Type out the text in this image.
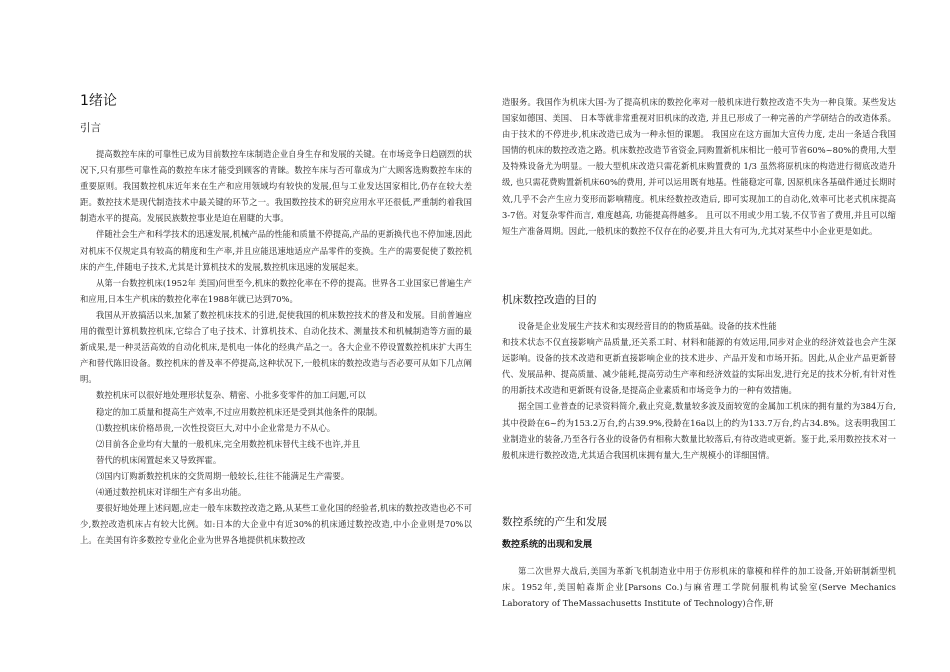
1绪论
引言

提高数控车床的可靠性已成为目前数控车床制造企业自身生存和发展的关键。在市场竞争日趋剧烈的状况下,只有那些可靠性高的数控车床才能受到顾客的青睐。数控车床与否可靠成为广大顾客选购数控车床的重要原则。我国数控机床近年来在生产和应用领域均有较快的发展,但与工业发达国家相比,仍存在较大差距。数控技术是现代制造技术中最关键的环节之一。我国数控技术的研究应用水平还很低,严重制约着我国制造水平的提高。发展民族数控事业是迫在眉睫的大事。

伴随社会生产和科学技术的迅速发展,机械产品的性能和质量不停提高,产品的更新换代也不停加速,因此对机床不仅规定具有较高的精度和生产率,并且应能迅速地适应产品零件的变换。生产的需要促使了数控机床的产生,伴随电子技术,尤其是计算机技术的发展,数控机床迅速的发展起来。

从第一台数控机床(1952年 美国)问世至今,机床的数控化率在不停的提高。世界各工业国家已普遍生产和应用,日本生产机床的数控化率在1988年就已达到70%。

我国从开放搞活以来,加紧了数控机床技术的引进,促使我国的机床数控技术的普及和发展。目前普遍应用的微型计算机数控机床,它综合了电子技术、计算机技术、自动化技术、测量技术和机械制造等方面的最新成果,是一种灵活高效的自动化机床,是机电一体化的经典产品之一。各大企业不停设置数控机床扩大再生产和替代陈旧设备。数控机床的普及率不停提高,这种状况下,一般机床的数控改造与否必要可从如下几点阐明。

数控机床可以很好地处理形状复杂、精密、小批多变零件的加工问题,可以

稳定的加工质量和提高生产效率,不过应用数控机床还是受到其他条件的限制。

⑴数控机床价格昂贵,一次性投资巨大,对中小企业常是力不从心。

⑵目前各企业均有大量的一般机床,完全用数控机床替代主线不也许,并且

替代的机床闲置起来又导致挥霍。

⑶国内订购新数控机床的交货周期一般较长,往往不能满足生产需要。

⑷通过数控机床对详细生产有多出功能。

要很好地处理上述问题,应走一般车床数控改造之路,从某些工业化国的经验者,机床的数控改造也必不可少,数控改造机床占有较大比例。如:日本的大企业中有近30%的机床通过数控改造,中小企业则是70%以上。在美国有许多数控专业化企业为世界各地提供机床数控改

造服务。我国作为机床大国-为了提高机床的数控化率对一般机床进行数控改造不失为一种良策。某些发达国家如德国、美国、 日本等就非常重视对旧机床的改造, 并且已形成了一种完善的产学研结合的改造体系。 由于技术的不停进步,机床改造已成为一种永恒的课题。 我国应在这方面加大宣传力度, 走出一条适合我国国情的机床的数控改造之路。机床数控改造节省资金,同购置新机床相比一般可节省60%~80%的费用,大型及特殊设备尤为明显。一般大型机床改造只需花新机床购置费的 1/3 虽然将原机床的构造进行彻底改造升级, 也只需花费购置新机床60%的费用, 并可以运用既有地基。性能稳定可靠, 因原机床各基础件通过长期时效,几乎不会产生应力变形而影响精度。机床经数控改造后, 即可实现加工的自动化,效率可比老式机床提高3-7倍。对复杂零件而言, 难度越高, 功能提高得越多。 且可以不用或少用工装,不仅节省了费用,并且可以缩短生产准备周期。因此,一般机床的数控不仅存在的必要,并且大有可为,尤其对某些中小企业更是如此。

机床数控改造的目的

设备是企业发展生产技术和实现经营目的的物质基础。设备的技术性能

和技术状态不仅直接影响产品质量,还关系工时、材料和能源的有效运用,同步对企业的经济效益也会产生深远影响。设备的技术改造和更新直接影响企业的技术进步、产品开发和市场开拓。因此,从企业产品更新替代、发展品种、提高质量、减少能耗,提高劳动生产率和经济效益的实际出发,进行充足的技术分析,有针对性的用新技术改造和更新既有设备,是提高企业素质和市场竞争力的一种有效措施。

据全国工业普查的记录资料简介,截止究竟,数量较多波及面较宽的金属加工机床的拥有量约为384万台,其中役龄在6~约为153.2万台,约占39.9%,役龄在16a以上的约为133.7万台,约占34.8%。这表明我国工业制造业的装备,乃至各行各业的设备仍有相称大数量比较落后,有待改造或更新。鉴于此,采用数控技术对一般机床进行数控改造,尤其适合我国机床拥有量大,生产规模小的详细国情。

数控系统的产生和发展
数控系统的出现和发展

第二次世界大战后,美国为革新飞机制造业中用于仿形机床的靠模和样件的加工设备,开始研制新型机床。1952年,美国帕森斯企业[Parsons Co.)与麻省理工学院伺服机构试验室(Serve Mechanics Laboratory of TheMassachusetts Institute of Technology)合作,研
